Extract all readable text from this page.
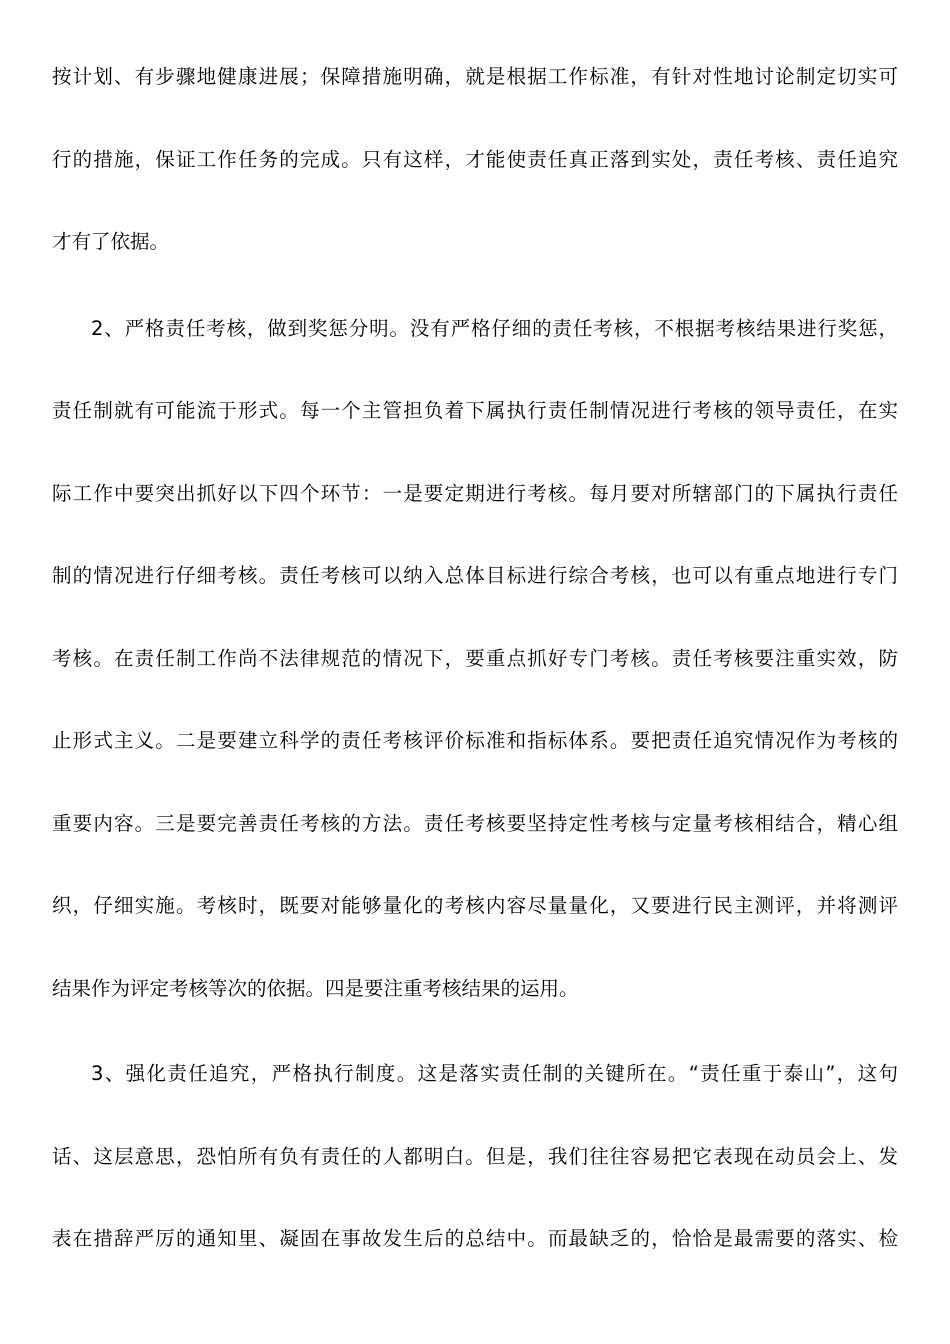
按计划、有步骤地健康进展；保障措施明确，就是根据工作标准，有针对性地讨论制定切实可
行的措施，保证工作任务的完成。只有这样，才能使责任真正落到实处，责任考核、责任追究
才有了依据。
2、严格责任考核，做到奖惩分明。没有严格仔细的责任考核，不根据考核结果进行奖惩，
责任制就有可能流于形式。每一个主管担负着下属执行责任制情况进行考核的领导责任，在实
际工作中要突出抓好以下四个环节：一是要定期进行考核。每月要对所辖部门的下属执行责任
制的情况进行仔细考核。责任考核可以纳入总体目标进行综合考核，也可以有重点地进行专门
考核。在责任制工作尚不法律规范的情况下，要重点抓好专门考核。责任考核要注重实效，防
止形式主义。二是要建立科学的责任考核评价标准和指标体系。要把责任追究情况作为考核的
重要内容。三是要完善责任考核的方法。责任考核要坚持定性考核与定量考核相结合，精心组
织，仔细实施。考核时，既要对能够量化的考核内容尽量量化，又要进行民主测评，并将测评
结果作为评定考核等次的依据。四是要注重考核结果的运用。
3、强化责任追究，严格执行制度。这是落实责任制的关键所在。“责任重于泰山”，这句
话、这层意思，恐怕所有负有责任的人都明白。但是，我们往往容易把它表现在动员会上、发
表在措辞严厉的通知里、凝固在事故发生后的总结中。而最缺乏的，恰恰是最需要的落实、检
